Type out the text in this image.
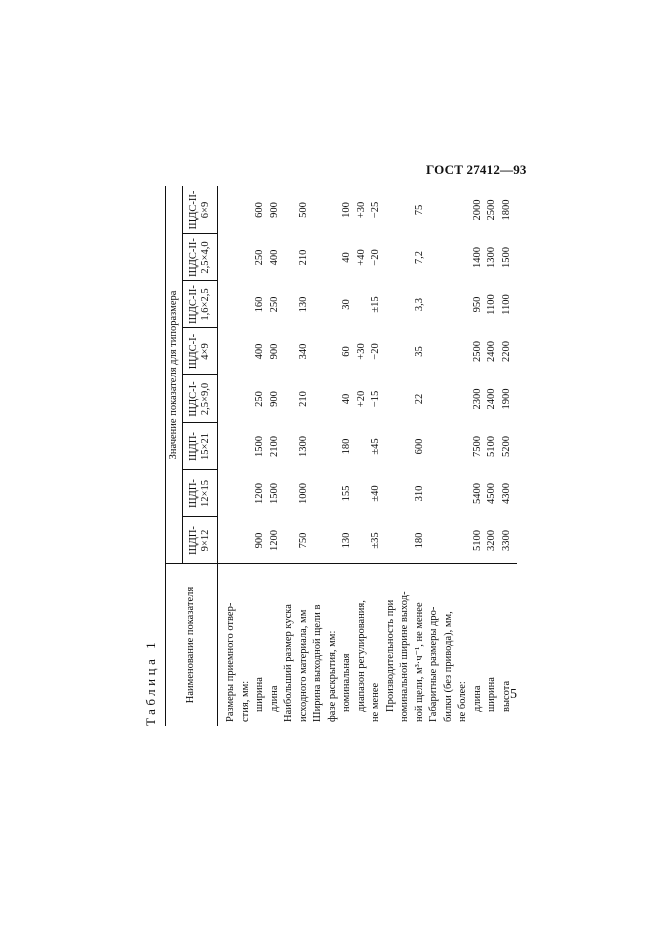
ГОСТ 27412—93
Таблица 1	Наименование показателя
Значение показателя для типоразмера
ЩДП- 9×12
ЩДП- 12×15
ЩДП- 15×21
ЩДС-I- 2,5×9,0
ЩДС-I- 4×9
ЩДС-II- 1,6×2,5
ЩДС-II- 2,5×4,0
ЩДС-II- 6×9
Размеры приемного отвер- стия, мм: ширина
900
1200
1500
250
400
160
250
600
длина
1200
1500
2100
900
900
250
400
900
Наибольший размер куска исходного материала, мм
750
1000
1300
210
340
130
210
500
Ширина выходной щели в фазе раскрытия, мм: номинальная
130
155
180
40
60
30
40
100
диапазон регулирования,
+20
+30
+40
+30
не менее
±35
±40
±45
−15
−20
±15
−20
−25
Производительность при номинальной ширине выход- ной щели, м³·ч⁻¹, не менее
180
310
600
22
35
3,3
7,2
75
Габаритные размеры дро- билки (без привода), мм, не более: длина
5100
5400
7500
2300
2500
950
1400
2000
ширина
3200
4500
5100
2400
2400
1100
1300
2500
высота
3300
4300
5200
1900
2200
1100
1500
1800
5
